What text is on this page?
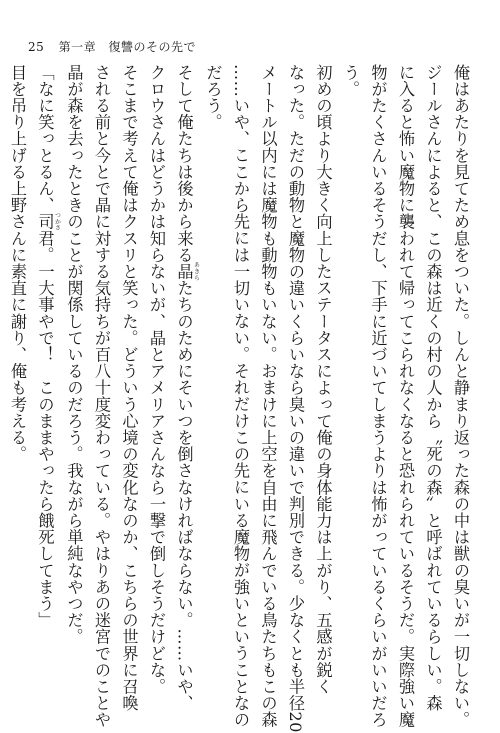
25 第一章 復讐のその先で
俺はあたりを見てため息をついた。しんと静まり返った森の中は獣の臭いが一切しない。
ジールさんによると、この森は近くの村の人から〝死の森〟と呼ばれているらしい。森
に入ると怖い魔物に襲われて帰ってこられなくなると恐れられているそうだ。実際強い魔
物がたくさんいるそうだし、下手に近づいてしまうよりは怖がっているくらいがいいだろ
う。
初めの頃より大きく向上したステータスによって俺の身体能力は上がり、五感が鋭く
なった。ただの動物と魔物の違いくらいなら臭いの違いで判別できる。少なくとも半径20
メートル以内には魔物も動物もいない。おまけに上空を自由に飛んでいる鳥たちもこの森
……いや、ここから先には一切いない。それだけこの先にいる魔物が強いということなの
だろう。
そして俺たちは後から来る晶 あきらたちのためにそいつを倒さなければならない。……いや、
クロウさんはどうかは知らないが、晶とアメリアさんなら一撃で倒しそうだけどな。
そこまで考えて俺はクスリと笑った。どういう心境の変化なのか、こちらの世界に召喚
される前と今とで晶に対する気持ちが百八十度変わっている。やはりあの迷宮でのことや
晶が森を去ったときのことが関係しているのだろう。我ながら単純なやつだ。
「なに笑っとるん、司 つかさ君。一大事やで！　このままやったら餓死してまう」
目を吊り上げる上野さんに素直に謝り、俺も考える。
